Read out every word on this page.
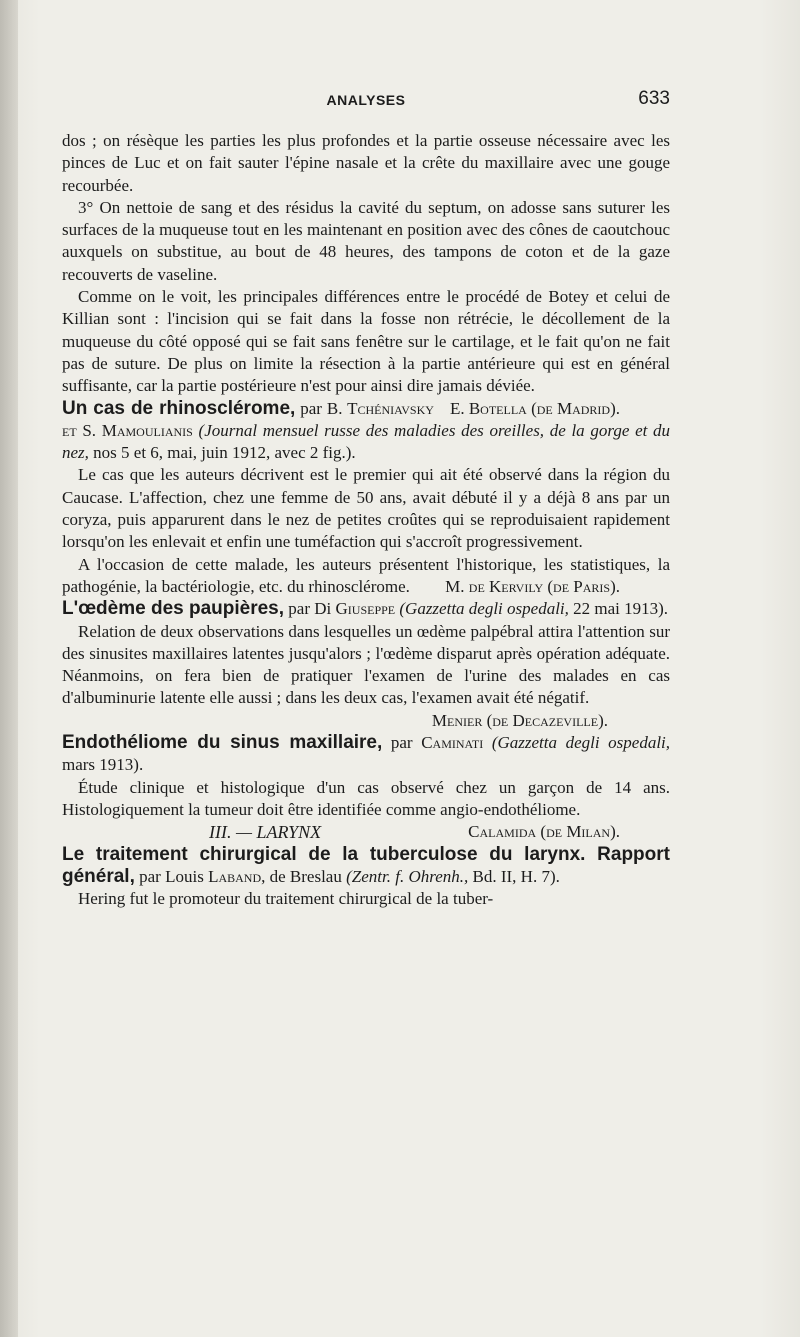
ANALYSES	633

dos ; on résèque les parties les plus profondes et la partie osseuse nécessaire avec les pinces de Luc et on fait sauter l'épine nasale et la crête du maxillaire avec une gouge recourbée.

3° On nettoie de sang et des résidus la cavité du septum, on adosse sans suturer les surfaces de la muqueuse tout en les maintenant en position avec des cônes de caoutchouc auxquels on substitue, au bout de 48 heures, des tampons de coton et de la gaze recouverts de vaseline.

Comme on le voit, les principales différences entre le procédé de Botey et celui de Killian sont : l'incision qui se fait dans la fosse non rétrécie, le décollement de la muqueuse du côté opposé qui se fait sans fenêtre sur le cartilage, et le fait qu'on ne fait pas de suture. De plus on limite la résection à la partie antérieure qui est en général suffisante, car la partie postérieure n'est pour ainsi dire jamais déviée.
E. Botella (de Madrid).

Un cas de rhinosclérome, par B. Tchéniavsky et S. Mamoulianis (Journal mensuel russe des maladies des oreilles, de la gorge et du nez, nos 5 et 6, mai, juin 1912, avec 2 fig.).

Le cas que les auteurs décrivent est le premier qui ait été observé dans la région du Caucase. L'affection, chez une femme de 50 ans, avait débuté il y a déjà 8 ans par un coryza, puis apparurent dans le nez de petites croûtes qui se reproduisaient rapidement lorsqu'on les enlevait et enfin une tuméfaction qui s'accroît progressivement.

A l'occasion de cette malade, les auteurs présentent l'historique, les statistiques, la pathogénie, la bactériologie, etc. du rhinosclérome.	M. de Kervily (de Paris).

L'œdème des paupières, par Di Giuseppe (Gazzetta degli ospedali, 22 mai 1913).

Relation de deux observations dans lesquelles un œdème palpébral attira l'attention sur des sinusites maxillaires latentes jusqu'alors ; l'œdème disparut après opération adéquate. Néanmoins, on fera bien de pratiquer l'examen de l'urine des malades en cas d'albuminurie latente elle aussi ; dans les deux cas, l'examen avait été négatif.

Menier (de Decazeville).

Endothéliome du sinus maxillaire, par Caminati (Gazzetta degli ospedali, mars 1913).

Étude clinique et histologique d'un cas observé chez un garçon de 14 ans. Histologiquement la tumeur doit être identifiée comme angio-endothéliome.
Calamida (de Milan).

III. — LARYNX

Le traitement chirurgical de la tuberculose du larynx. Rapport général, par Louis Laband, de Breslau (Zentr. f. Ohrenh., Bd. II, H. 7).

Hering fut le promoteur du traitement chirurgical de la tuber-
